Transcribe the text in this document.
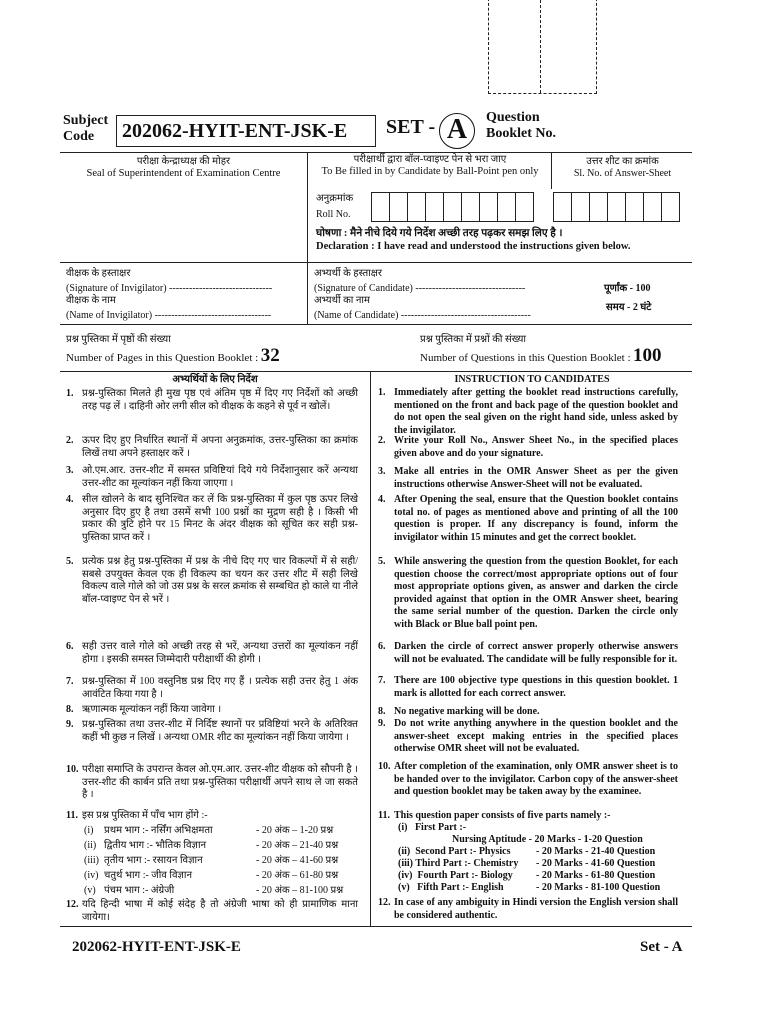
Subject
Code	202062-HYIT-ENT-JSK-E SET - A Question
Booklet No.
परीक्षा केन्द्राध्यक्ष की मोहर
Seal of Superintendent of Examination Centre
परीक्षार्थी द्वारा बॉल-प्वाइण्ट पेन से भरा जाए
To Be filled in by Candidate by Ball-Point pen only
उत्तर शीट का क्रमांक
Sl. No. of Answer-Sheet
अनुक्रमांक
Roll No.
घोषणा : मैने नीचे दिये गये निर्देश अच्छी तरह पढ़कर समझ लिए है ।
Declaration : I have read and understood the instructions given below.
वीक्षक के हस्ताक्षर
(Signature of Invigilator) -------------------------------
वीक्षक के नाम
(Name of Invigilator) -----------------------------------
अभ्यर्थी के हस्ताक्षर
(Signature of Candidate) ---------------------------------
अभ्यर्थी का नाम
(Name of Candidate) ---------------------------------------
पूर्णांक - 100
समय - 2 घंटे
प्रश्न पुस्तिका में पृष्ठों की संख्या
Number of Pages in this Question Booklet : 32
प्रश्न पुस्तिका में प्रश्नों की संख्या
Number of Questions in this Question Booklet : 100
अभ्यर्थियों के लिए निर्देश	INSTRUCTION TO CANDIDATES
1. प्रश्न-पुस्तिका मिलते ही मुख पृष्ठ एवं अंतिम पृष्ठ में दिए गए निर्देशों को अच्छी तरह पढ़ लें । दाहिनी ओर लगी सील को वीक्षक के कहने से पूर्व न खोलें।
2. ऊपर दिए हुए निर्धारित स्थानों में अपना अनुक्रमांक, उत्तर-पुस्तिका का क्रमांक लिखें तथा अपने हस्ताक्षर करें ।
3. ओ.एम.आर. उत्तर-शीट में समस्त प्रविष्टियां दिये गये निर्देशानुसार करें अन्यथा उत्तर-शीट का मूल्यांकन नहीं किया जाएगा ।
4. सील खोलने के बाद सुनिश्चित कर लें कि प्रश्न-पुस्तिका में कुल पृष्ठ ऊपर लिखे अनुसार दिए हुए है तथा उसमें सभी 100 प्रश्नों का मुद्रण सही है । किसी भी प्रकार की त्रुटि होने पर 15 मिनट के अंदर वीक्षक को सूचित कर सही प्रश्न-पुस्तिका प्राप्त करें ।
5. प्रत्येक प्रश्न हेतु प्रश्न-पुस्तिका में प्रश्न के नीचे दिए गए चार विकल्पों में से सही/सबसे उपयुक्त केवल एक ही विकल्प का चयन कर उत्तर शीट में सही लिखे विकल्प वाले गोले को जो उस प्रश्न के सरल क्रमांक से सम्बधित हो काले या नीले बॉल-प्वाइण्ट पेन से भरें ।
6. सही उत्तर वाले गोले को अच्छी तरह से भरें, अन्यथा उत्तरों का मूल्यांकन नहीं होगा । इसकी समस्त जिम्मेदारी परीक्षार्थी की होगी ।
7. प्रश्न-पुस्तिका में 100 वस्तुनिष्ठ प्रश्न दिए गए हैं । प्रत्येक सही उत्तर हेतु 1 अंक आवंटित किया गया है ।
8. ऋणात्मक मूल्यांकन नहीं किया जावेगा ।
9. प्रश्न-पुस्तिका तथा उत्तर-शीट में निर्दिष्ट स्थानों पर प्रविष्टियां भरने के अतिरिक्त कहीं भी कुछ न लिखें । अन्यथा OMR शीट का मूल्यांकन नहीं किया जायेगा ।
10. परीक्षा समाप्ति के उपरान्त केवल ओ.एम.आर. उत्तर-शीट वीक्षक को सौपनी है । उत्तर-शीट की कार्बन प्रति तथा प्रश्न-पुस्तिका परीक्षार्थी अपने साथ ले जा सकते है ।
11. इस प्रश्न पुस्तिका में पाँच भाग होंगे :-
(i) प्रथम भाग :- नर्सिंग अभिक्षमता	- 20 अंक – 1-20 प्रश्न
(ii) द्वितीय भाग :- भौतिक विज्ञान	- 20 अंक – 21-40 प्रश्न
(iii) तृतीय भाग :- रसायन विज्ञान	- 20 अंक – 41-60 प्रश्न
(iv) चतुर्थ भाग :- जीव विज्ञान	- 20 अंक – 61-80 प्रश्न
(v) पंचम भाग :- अंग्रेजी	- 20 अंक – 81-100 प्रश्न
12. यदि हिन्दी भाषा में कोई संदेह है तो अंग्रेजी भाषा को ही प्रामाणिक माना जायेगा।
1. Immediately after getting the booklet read instructions carefully, mentioned on the front and back page of the question booklet and do not open the seal given on the right hand side, unless asked by the invigilator.
2. Write your Roll No., Answer Sheet No., in the specified places given above and do your signature.
3. Make all entries in the OMR Answer Sheet as per the given instructions otherwise Answer-Sheet will not be evaluated.
4. After Opening the seal, ensure that the Question booklet contains total no. of pages as mentioned above and printing of all the 100 question is proper. If any discrepancy is found, inform the invigilator within 15 minutes and get the correct booklet.
5. While answering the question from the question Booklet, for each question choose the correct/most appropriate options out of four most appropriate options given, as answer and darken the circle provided against that option in the OMR Answer sheet, bearing the same serial number of the question. Darken the circle only with Black or Blue ball point pen.
6. Darken the circle of correct answer properly otherwise answers will not be evaluated. The candidate will be fully responsible for it.
7. There are 100 objective type questions in this question booklet. 1 mark is allotted for each correct answer.
8. No negative marking will be done.
9. Do not write anything anywhere in the question booklet and the answer-sheet except making entries in the specified places otherwise OMR sheet will not be evaluated.
10. After completion of the examination, only OMR answer sheet is to be handed over to the invigilator. Carbon copy of the answer-sheet and question booklet may be taken away by the examinee.
11. This question paper consists of five parts namely :-
(i)   First Part :-
Nursing Aptitude - 20 Marks - 1-20 Question
(ii)  Second Part :- Physics	- 20 Marks - 21-40 Question
(iii) Third Part :- Chemistry - 20 Marks - 41-60 Question
(iv)  Fourth Part :- Biology - 20 Marks - 61-80 Question
(v)   Fifth Part :- English	- 20 Marks - 81-100 Question
12. In case of any ambiguity in Hindi version the English version shall be considered authentic.
202062-HYIT-ENT-JSK-E	Set - A
